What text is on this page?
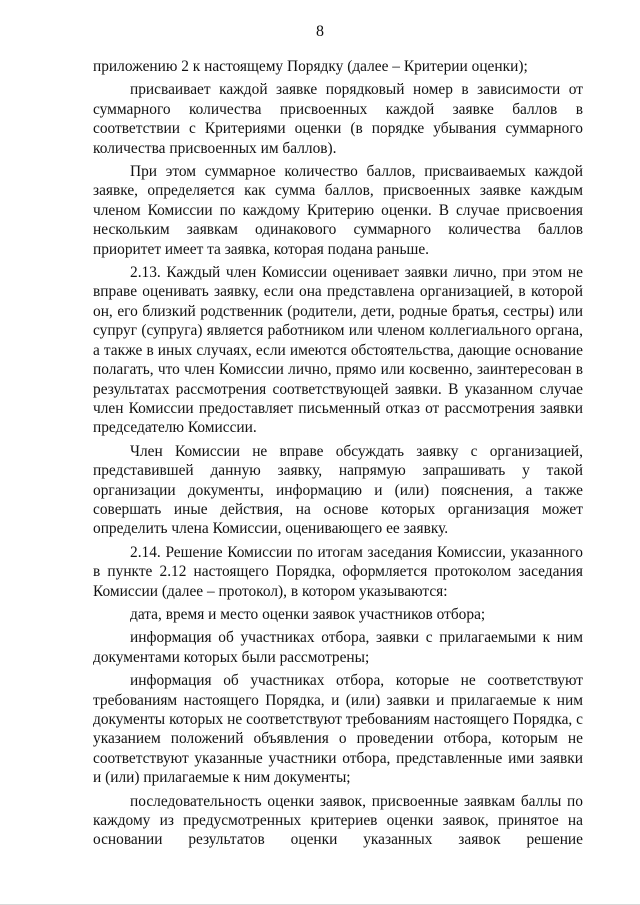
8

приложению 2 к настоящему Порядку (далее – Критерии оценки);

присваивает каждой заявке порядковый номер в зависимости от суммарного количества присвоенных каждой заявке баллов в соответствии с Критериями оценки (в порядке убывания суммарного количества присвоенных им баллов).

При этом суммарное количество баллов, присваиваемых каждой заявке, определяется как сумма баллов, присвоенных заявке каждым членом Комиссии по каждому Критерию оценки. В случае присвоения нескольким заявкам одинакового суммарного количества баллов приоритет имеет та заявка, которая подана раньше.

2.13. Каждый член Комиссии оценивает заявки лично, при этом не вправе оценивать заявку, если она представлена организацией, в которой он, его близкий родственник (родители, дети, родные братья, сестры) или супруг (супруга) является работником или членом коллегиального органа, а также в иных случаях, если имеются обстоятельства, дающие основание полагать, что член Комиссии лично, прямо или косвенно, заинтересован в результатах рассмотрения соответствующей заявки. В указанном случае член Комиссии предоставляет письменный отказ от рассмотрения заявки председателю Комиссии.

Член Комиссии не вправе обсуждать заявку с организацией, представившей данную заявку, напрямую запрашивать у такой организации документы, информацию и (или) пояснения, а также совершать иные действия, на основе которых организация может определить члена Комиссии, оценивающего ее заявку.

2.14. Решение Комиссии по итогам заседания Комиссии, указанного в пункте 2.12 настоящего Порядка, оформляется протоколом заседания Комиссии (далее – протокол), в котором указываются:

дата, время и место оценки заявок участников отбора;

информация об участниках отбора, заявки с прилагаемыми к ним документами которых были рассмотрены;

информация об участниках отбора, которые не соответствуют требованиям настоящего Порядка, и (или) заявки и прилагаемые к ним документы которых не соответствуют требованиям настоящего Порядка, с указанием положений объявления о проведении отбора, которым не соответствуют указанные участники отбора, представленные ими заявки и (или) прилагаемые к ним документы;

последовательность оценки заявок, присвоенные заявкам баллы по каждому из предусмотренных критериев оценки заявок, принятое на основании результатов оценки указанных заявок решение
